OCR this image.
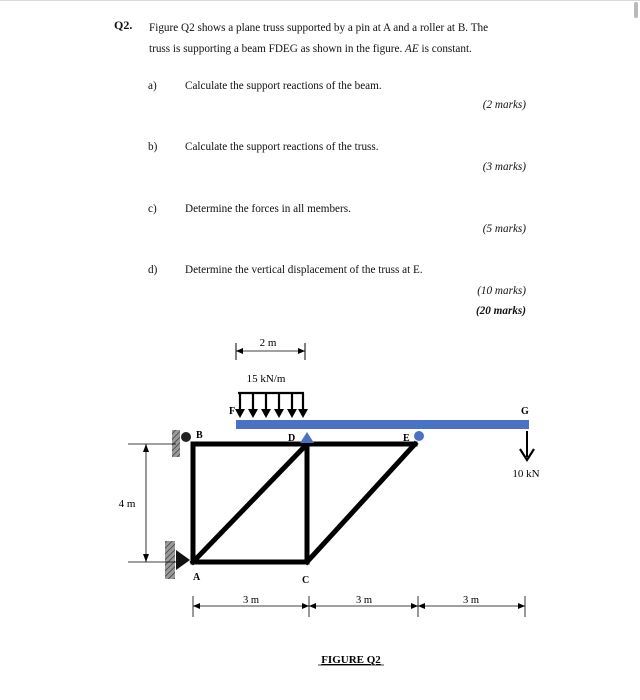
Q2. Figure Q2 shows a plane truss supported by a pin at A and a roller at B. The
truss is supporting a beam FDEG as shown in the figure. AE is constant.
a)	Calculate the support reactions of the beam.
(2 marks)
b) Calculate the support reactions of the truss.
(3 marks)
c)	Determine the forces in all members.
(5 marks)
d) Determine the vertical displacement of the truss at E.
(10 marks)
(20 marks)
2 m
15 kN/m
10 kN
4 m
F
B	D	E
G
A	C
3 m	3 m	3 m
FIGURE Q2
